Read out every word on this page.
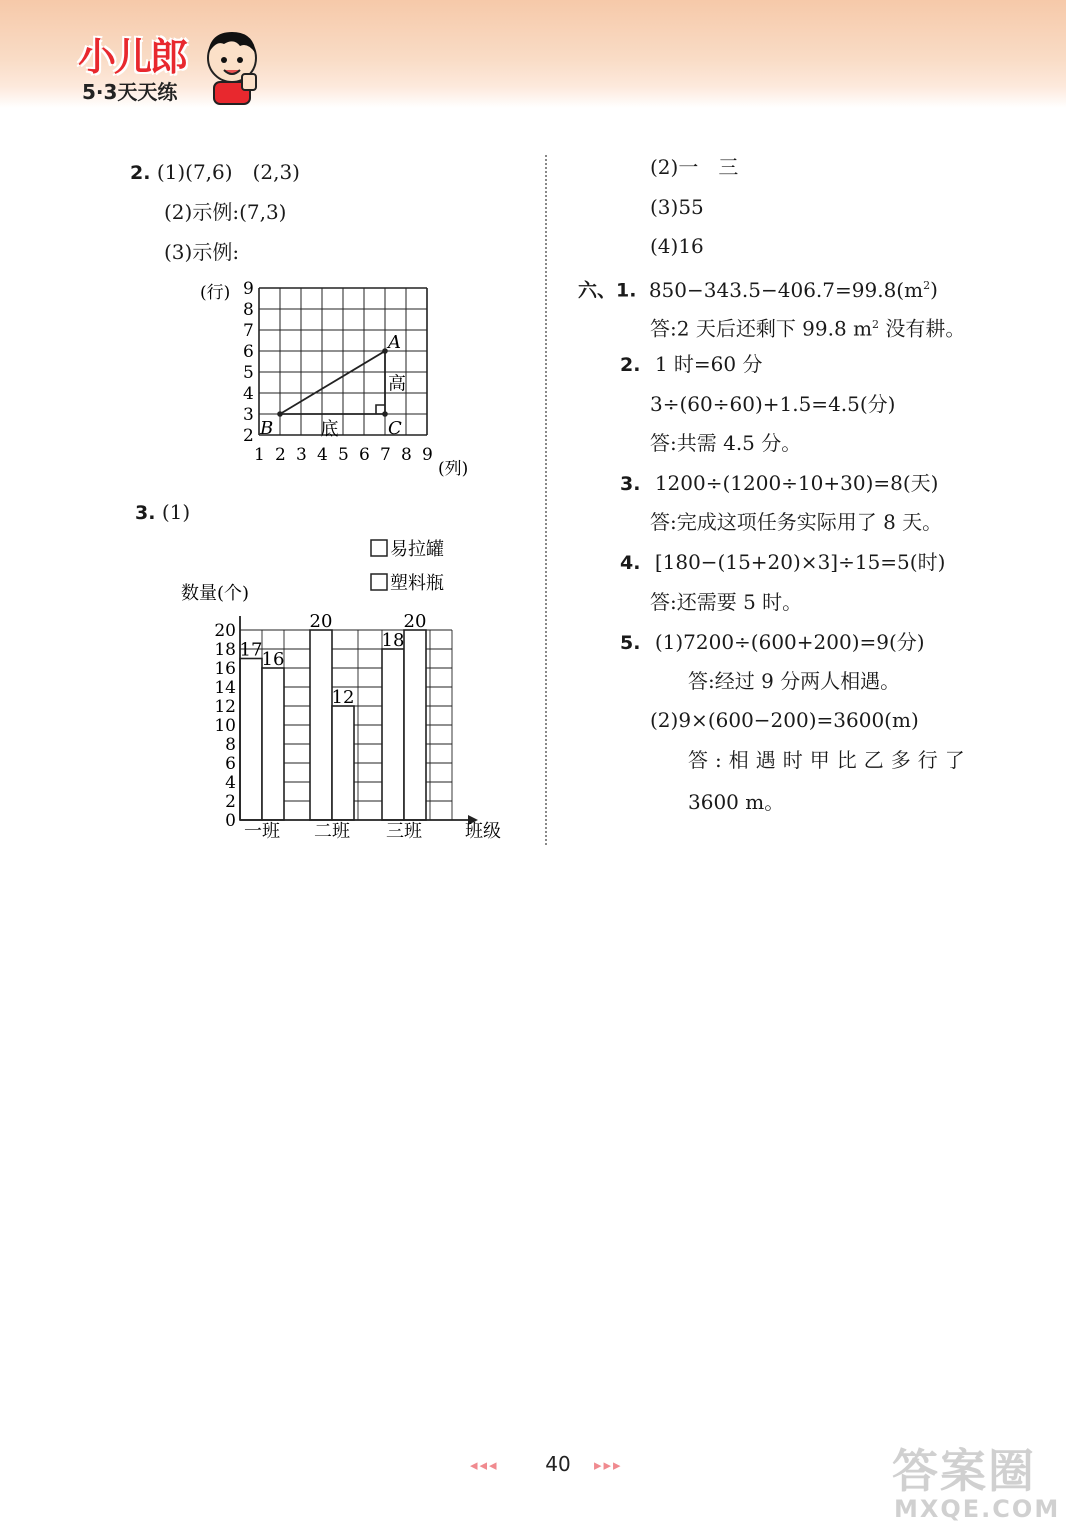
小儿郎
5·3天天练
2. (1)(7,6)　(2,3)
(2)示例:(7,3)
(3)示例:
(行)
2
3
4
5
6
7
8
9
1 2 3 4 5 6 7 8 9
(列)
A
B	C
高
底
3. (1)
易拉罐
塑料瓶
数量(个)
17 16
20
12
18
20
0
2
4
6
8
10
12
14
16
18
20
一班 二班 三班 班级
(2)一　三
(3)55
(4)16
六、1. $850-343.5-406.7=99.8(m^2)$
答:2 天后还剩下 99.8 $m^2$ 没有耕。
2. 1 时=60 分
3÷(60÷60)+1.5=4.5(分)
答:共需 4.5 分。
3. 1200÷(1200÷10+30)=8(天)
答:完成这项任务实际用了 8 天。
4. [180−(15+20)×3]÷15=5(时)
答:还需要 5 时。
5. (1)7200÷(600+200)=9(分)
答:经过 9 分两人相遇。
(2)9×(600−200)=3600(m)
答:相遇时甲比乙多行了
3600 m。
◂◂◂	40	▸▸▸	答案圈
MXQE.COM
